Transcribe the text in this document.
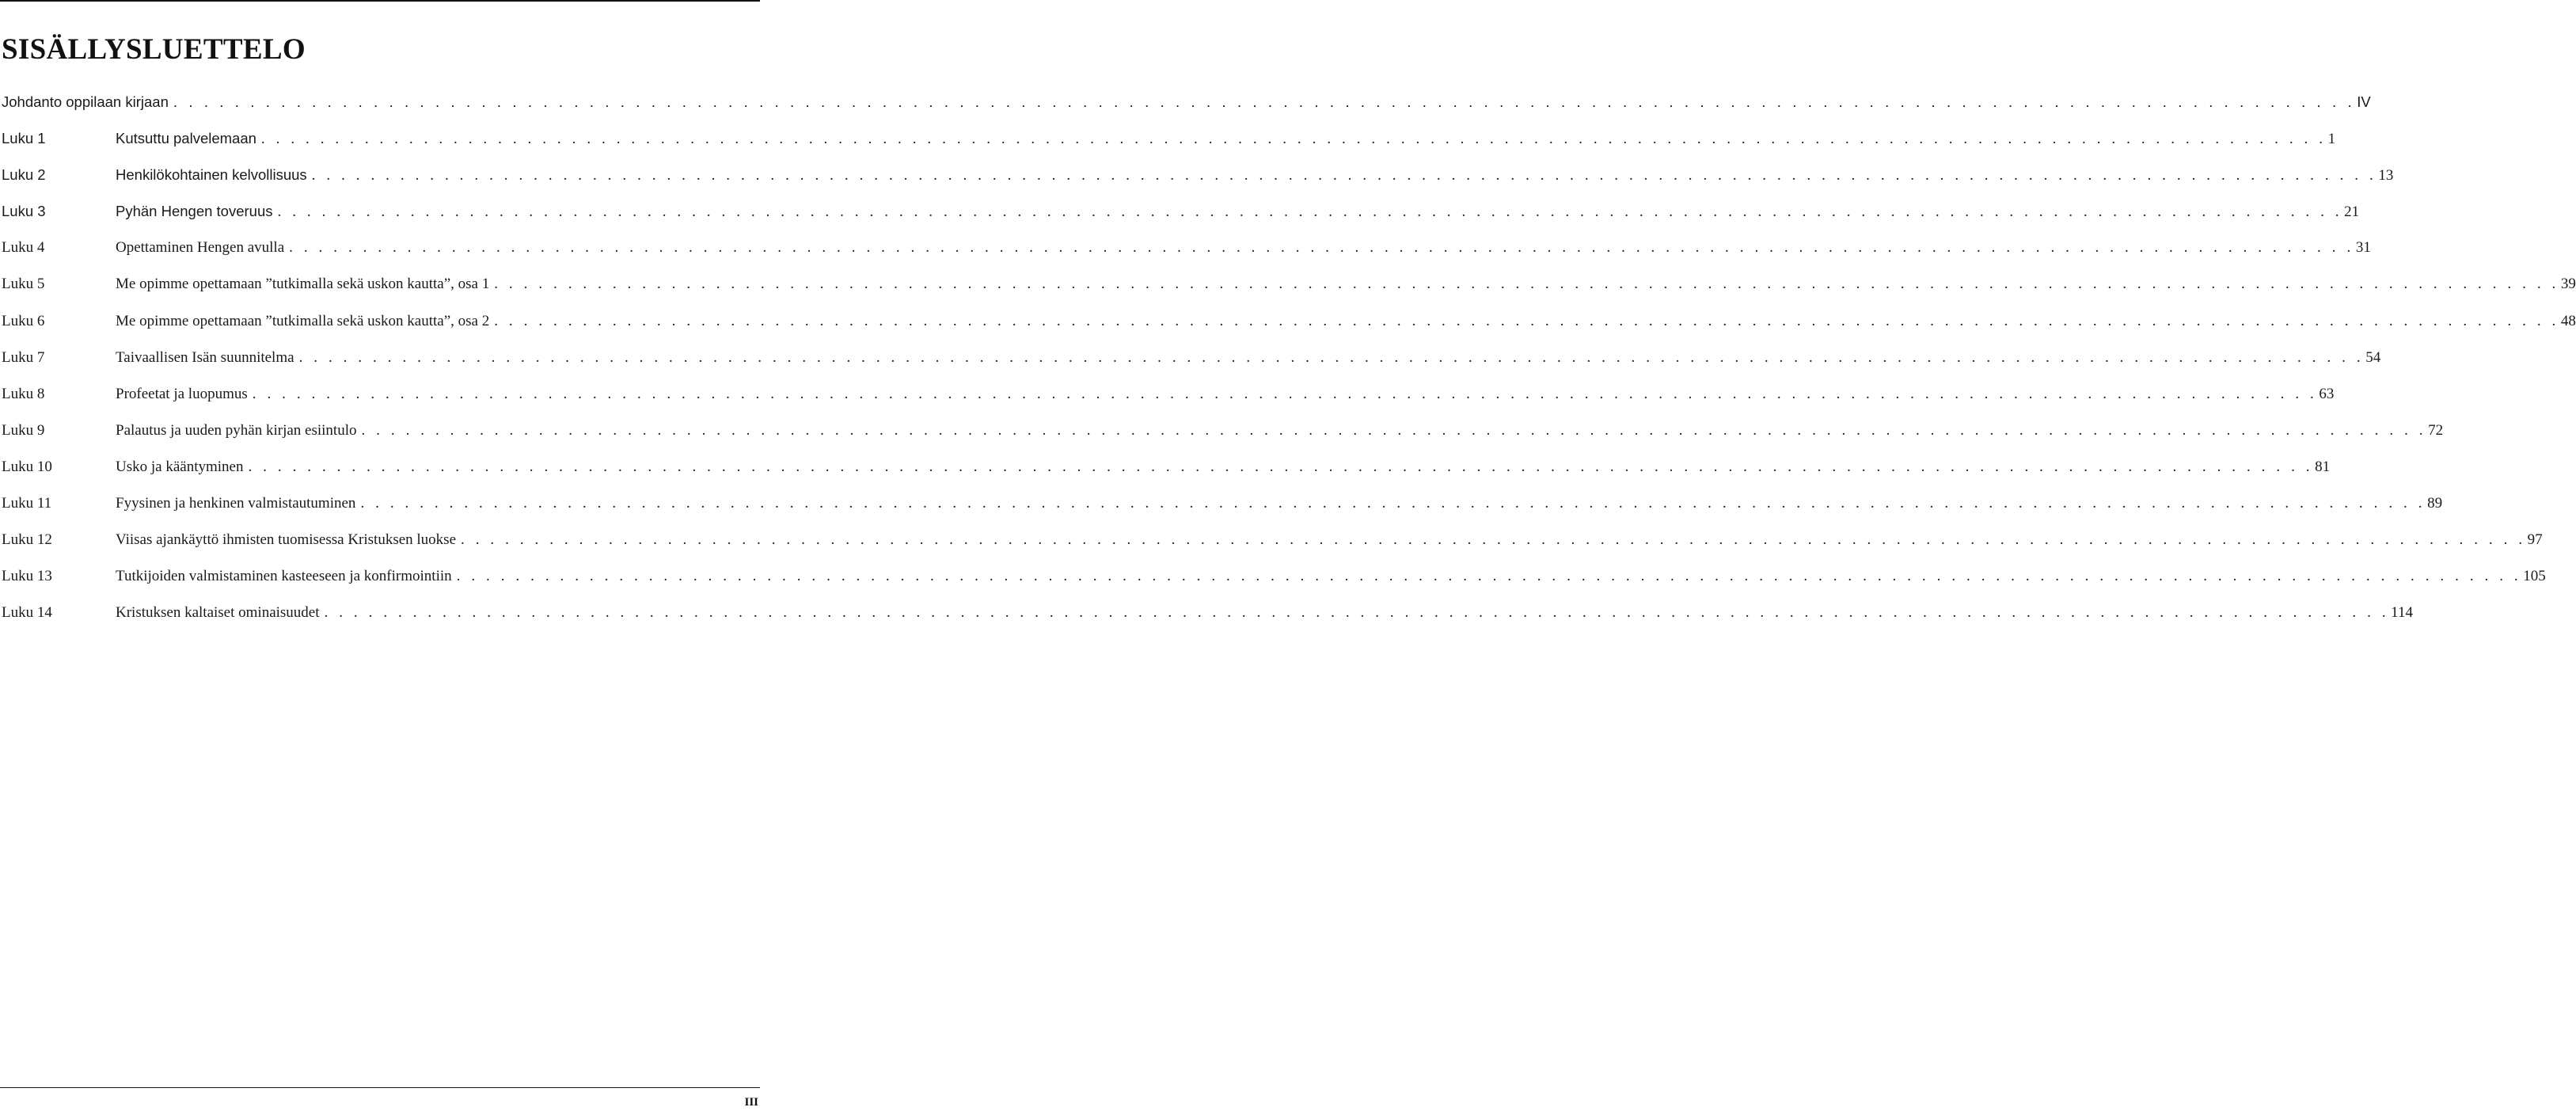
SISÄLLYSLUETTELO
Johdanto oppilaan kirjaan . . . . . . . . . . . . . . . . . . . . . . . . . . . . . . . . . . . . . . . . . . . . . . . . . . . . . . . . . . . . . . . . . . . . . . . . . . . . . . . . . . . . . . . . . . . . . . . . . . . . . . . . . . . . . . . . . . . . . . . . . . . . . . . . . . . . . . . . . . . . . . IV
Luku 1	Kutsuttu palvelemaan . . . . . . . . . . . . . . . . . . . . . . . . . . . . . . . . . . . . . . . . . . . . . . . . . . . . . . . . . . . . . . . . . . . . . . . . . . . . . . . . . . . . . . . . . . . . . . . . . . . . . . . . . . . . . . . . . . . . . . . . . . . . . . . . . . . . . . . . . . . . 1
Luku 2	Henkilökohtainen kelvollisuus . . . . . . . . . . . . . . . . . . . . . . . . . . . . . . . . . . . . . . . . . . . . . . . . . . . . . . . . . . . . . . . . . . . . . . . . . . . . . . . . . . . . . . . . . . . . . . . . . . . . . . . . . . . . . . . . . . . . . . . . . . . . . . . . . . . . . . . . . . . . 13
Luku 3	Pyhän Hengen toveruus . . . . . . . . . . . . . . . . . . . . . . . . . . . . . . . . . . . . . . . . . . . . . . . . . . . . . . . . . . . . . . . . . . . . . . . . . . . . . . . . . . . . . . . . . . . . . . . . . . . . . . . . . . . . . . . . . . . . . . . . . . . . . . . . . . . . . . . . . . . . 21
Luku 4	Opettaminen Hengen avulla . . . . . . . . . . . . . . . . . . . . . . . . . . . . . . . . . . . . . . . . . . . . . . . . . . . . . . . . . . . . . . . . . . . . . . . . . . . . . . . . . . . . . . . . . . . . . . . . . . . . . . . . . . . . . . . . . . . . . . . . . . . . . . . . . . . . . . . . . . . . 31
Luku 5	Me opimme opettamaan ”tutkimalla sekä uskon kautta”, osa 1 . . . . . . . . . . . . . . . . . . . . . . . . . . . . . . . . . . . . . . . . . . . . . . . . . . . . . . . . . . . . . . . . . . . . . . . . . . . . . . . . . . . . . . . . . . . . . . . . . . . . . . . . . . . . . . . . . . . . . . . . . . . . . . . . . . . . . . . . . . . . 39
Luku 6	Me opimme opettamaan ”tutkimalla sekä uskon kautta”, osa 2 . . . . . . . . . . . . . . . . . . . . . . . . . . . . . . . . . . . . . . . . . . . . . . . . . . . . . . . . . . . . . . . . . . . . . . . . . . . . . . . . . . . . . . . . . . . . . . . . . . . . . . . . . . . . . . . . . . . . . . . . . . . . . . . . . . . . . . . . . . . . 48
Luku 7	Taivaallisen Isän suunnitelma . . . . . . . . . . . . . . . . . . . . . . . . . . . . . . . . . . . . . . . . . . . . . . . . . . . . . . . . . . . . . . . . . . . . . . . . . . . . . . . . . . . . . . . . . . . . . . . . . . . . . . . . . . . . . . . . . . . . . . . . . . . . . . . . . . . . . . . . . . . . 54
Luku 8	Profeetat ja luopumus . . . . . . . . . . . . . . . . . . . . . . . . . . . . . . . . . . . . . . . . . . . . . . . . . . . . . . . . . . . . . . . . . . . . . . . . . . . . . . . . . . . . . . . . . . . . . . . . . . . . . . . . . . . . . . . . . . . . . . . . . . . . . . . . . . . . . . . . . . . . 63
Luku 9	Palautus ja uuden pyhän kirjan esiintulo . . . . . . . . . . . . . . . . . . . . . . . . . . . . . . . . . . . . . . . . . . . . . . . . . . . . . . . . . . . . . . . . . . . . . . . . . . . . . . . . . . . . . . . . . . . . . . . . . . . . . . . . . . . . . . . . . . . . . . . . . . . . . . . . . . . . . . . . . . . . 72
Luku 10	Usko ja kääntyminen . . . . . . . . . . . . . . . . . . . . . . . . . . . . . . . . . . . . . . . . . . . . . . . . . . . . . . . . . . . . . . . . . . . . . . . . . . . . . . . . . . . . . . . . . . . . . . . . . . . . . . . . . . . . . . . . . . . . . . . . . . . . . . . . . . . . . . . . . . . . 81
Luku 11	Fyysinen ja henkinen valmistautuminen . . . . . . . . . . . . . . . . . . . . . . . . . . . . . . . . . . . . . . . . . . . . . . . . . . . . . . . . . . . . . . . . . . . . . . . . . . . . . . . . . . . . . . . . . . . . . . . . . . . . . . . . . . . . . . . . . . . . . . . . . . . . . . . . . . . . . . . . . . . . 89
Luku 12	Viisas ajankäyttö ihmisten tuomisessa Kristuksen luokse . . . . . . . . . . . . . . . . . . . . . . . . . . . . . . . . . . . . . . . . . . . . . . . . . . . . . . . . . . . . . . . . . . . . . . . . . . . . . . . . . . . . . . . . . . . . . . . . . . . . . . . . . . . . . . . . . . . . . . . . . . . . . . . . . . . . . . . . . . . . 97
Luku 13	Tutkijoiden valmistaminen kasteeseen ja konfirmointiin . . . . . . . . . . . . . . . . . . . . . . . . . . . . . . . . . . . . . . . . . . . . . . . . . . . . . . . . . . . . . . . . . . . . . . . . . . . . . . . . . . . . . . . . . . . . . . . . . . . . . . . . . . . . . . . . . . . . . . . . . . . . . . . . . . . . . . . . . . . . 105
Luku 14	Kristuksen kaltaiset ominaisuudet . . . . . . . . . . . . . . . . . . . . . . . . . . . . . . . . . . . . . . . . . . . . . . . . . . . . . . . . . . . . . . . . . . . . . . . . . . . . . . . . . . . . . . . . . . . . . . . . . . . . . . . . . . . . . . . . . . . . . . . . . . . . . . . . . . . . . . . . . . . . 114
III
